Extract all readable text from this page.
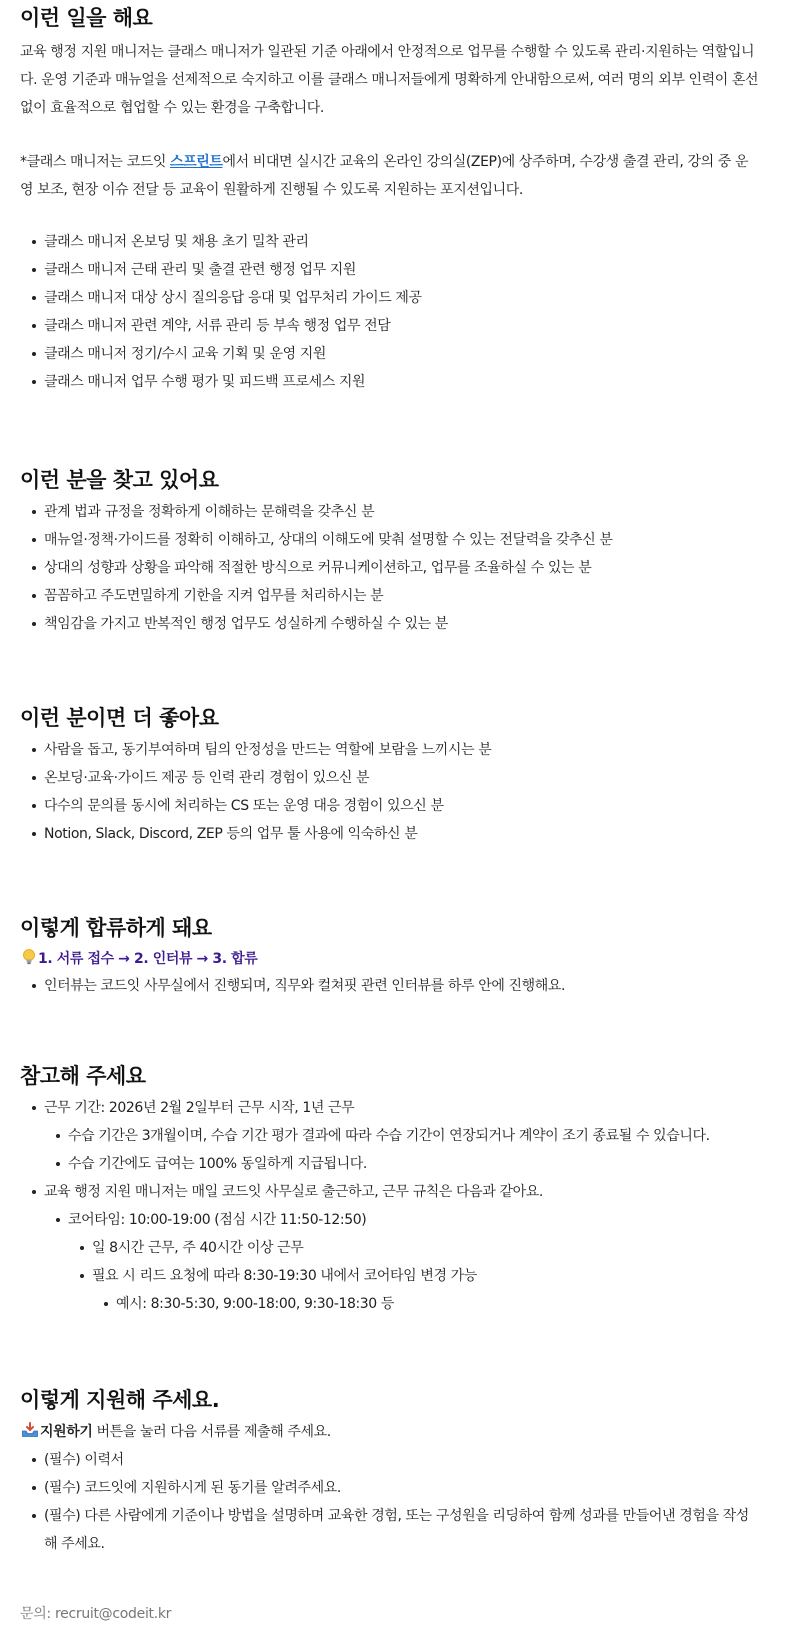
이런 일을 해요

교육 행정 지원 매니저는 클래스 매니저가 일관된 기준 아래에서 안정적으로 업무를 수행할 수 있도록 관리·지원하는 역할입니다. 운영 기준과 매뉴얼을 선제적으로 숙지하고 이를 클래스 매니저들에게 명확하게 안내함으로써, 여러 명의 외부 인력이 혼선 없이 효율적으로 협업할 수 있는 환경을 구축합니다.

*클래스 매니저는 코드잇 스프린트에서 비대면 실시간 교육의 온라인 강의실(ZEP)에 상주하며, 수강생 출결 관리, 강의 중 운영 보조, 현장 이슈 전달 등 교육이 원활하게 진행될 수 있도록 지원하는 포지션입니다.

클래스 매니저 온보딩 및 채용 초기 밀착 관리
클래스 매니저 근태 관리 및 출결 관련 행정 업무 지원
클래스 매니저 대상 상시 질의응답 응대 및 업무처리 가이드 제공
클래스 매니저 관련 계약, 서류 관리 등 부속 행정 업무 전담
클래스 매니저 정기/수시 교육 기획 및 운영 지원
클래스 매니저 업무 수행 평가 및 피드백 프로세스 지원
이런 분을 찾고 있어요
관계 법과 규정을 정확하게 이해하는 문해력을 갖추신 분
매뉴얼·정책·가이드를 정확히 이해하고, 상대의 이해도에 맞춰 설명할 수 있는 전달력을 갖추신 분
상대의 성향과 상황을 파악해 적절한 방식으로 커뮤니케이션하고, 업무를 조율하실 수 있는 분
꼼꼼하고 주도면밀하게 기한을 지켜 업무를 처리하시는 분
책임감을 가지고 반복적인 행정 업무도 성실하게 수행하실 수 있는 분
이런 분이면 더 좋아요
사람을 돕고, 동기부여하며 팀의 안정성을 만드는 역할에 보람을 느끼시는 분
온보딩·교육·가이드 제공 등 인력 관리 경험이 있으신 분
다수의 문의를 동시에 처리하는 CS 또는 운영 대응 경험이 있으신 분
Notion, Slack, Discord, ZEP 등의 업무 툴 사용에 익숙하신 분
이렇게 합류하게 돼요
1. 서류 접수 → 2. 인터뷰 → 3. 합류
인터뷰는 코드잇 사무실에서 진행되며, 직무와 컬쳐핏 관련 인터뷰를 하루 안에 진행해요.
참고해 주세요
근무 기간: 2026년 2월 2일부터 근무 시작, 1년 근무
수습 기간은 3개월이며, 수습 기간 평가 결과에 따라 수습 기간이 연장되거나 계약이 조기 종료될 수 있습니다.
수습 기간에도 급여는 100% 동일하게 지급됩니다.
교육 행정 지원 매니저는 매일 코드잇 사무실로 출근하고, 근무 규칙은 다음과 같아요.
코어타임: 10:00-19:00 (점심 시간 11:50-12:50)
일 8시간 근무, 주 40시간 이상 근무
필요 시 리드 요청에 따라 8:30-19:30 내에서 코어타임 변경 가능
예시: 8:30-5:30, 9:00-18:00, 9:30-18:30 등
이렇게 지원해 주세요.

지원하기 버튼을 눌러 다음 서류를 제출해 주세요.

(필수) 이력서
(필수) 코드잇에 지원하시게 된 동기를 알려주세요.
(필수) 다른 사람에게 기준이나 방법을 설명하며 교육한 경험, 또는 구성원을 리딩하여 함께 성과를 만들어낸 경험을 작성해 주세요.
문의: recruit@codeit.kr
